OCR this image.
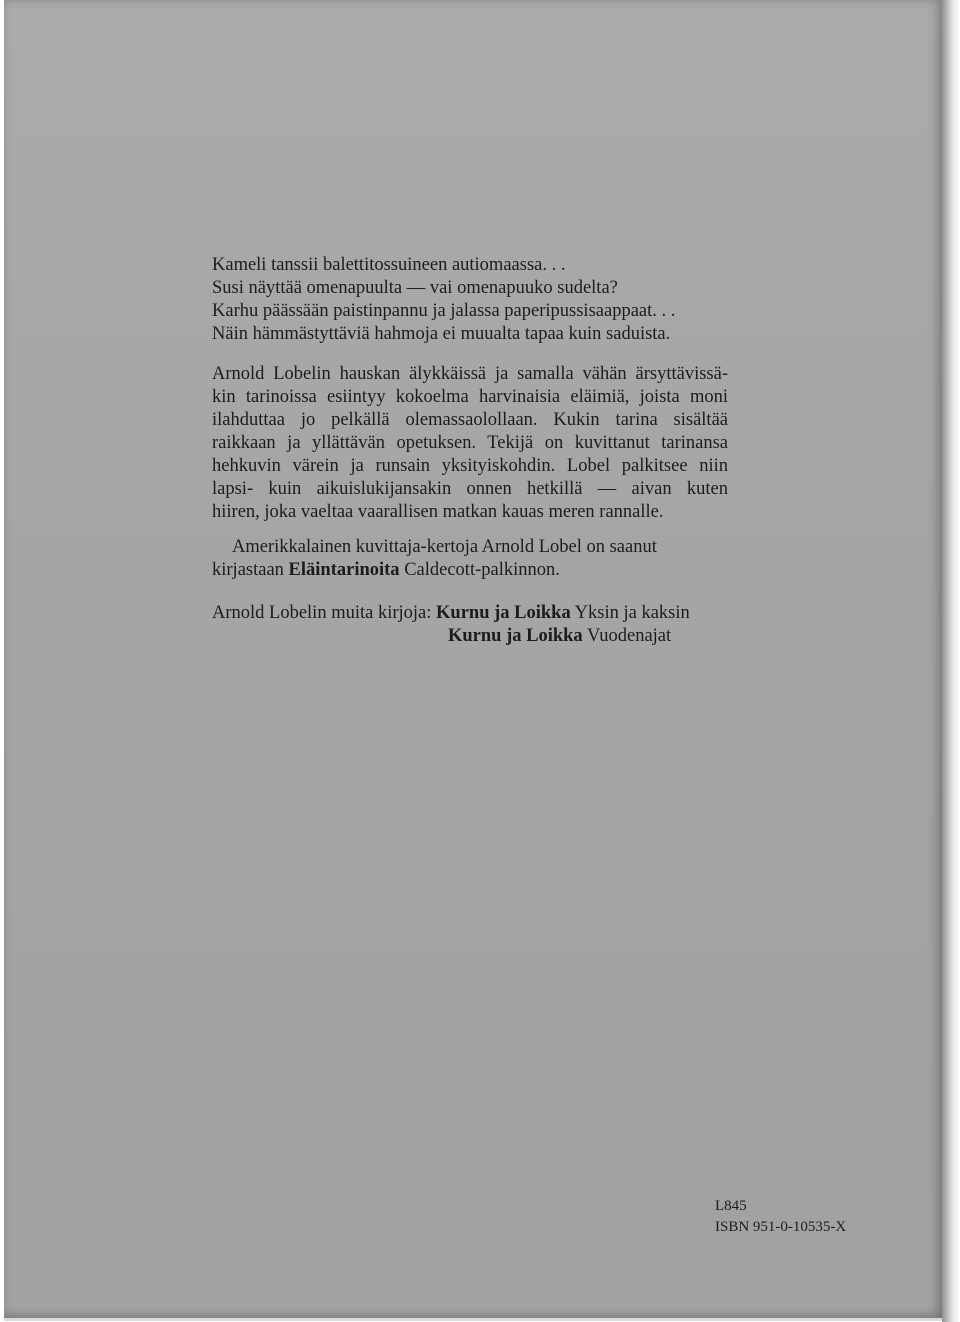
Kameli tanssii balettitossuineen autiomaassa. . .
Susi näyttää omenapuulta — vai omenapuuko sudelta?
Karhu päässään paistinpannu ja jalassa paperipussisaappaat. . .
Näin hämmästyttäviä hahmoja ei muualta tapaa kuin saduista.
Arnold Lobelin hauskan älykkäissä ja samalla vähän ärsyttävissä-
kin tarinoissa esiintyy kokoelma harvinaisia eläimiä, joista moni
ilahduttaa jo pelkällä olemassaolollaan. Kukin tarina sisältää
raikkaan ja yllättävän opetuksen. Tekijä on kuvittanut tarinansa
hehkuvin värein ja runsain yksityiskohdin. Lobel palkitsee niin
lapsi- kuin aikuislukijansakin onnen hetkillä — aivan kuten
hiiren, joka vaeltaa vaarallisen matkan kauas meren rannalle.
Amerikkalainen kuvittaja-kertoja Arnold Lobel on saanut
kirjastaan Eläintarinoita Caldecott-palkinnon.
Arnold Lobelin muita kirjoja: Kurnu ja Loikka Yksin ja kaksin
Kurnu ja Loikka Vuodenajat
L845
ISBN 951-0-10535-X
